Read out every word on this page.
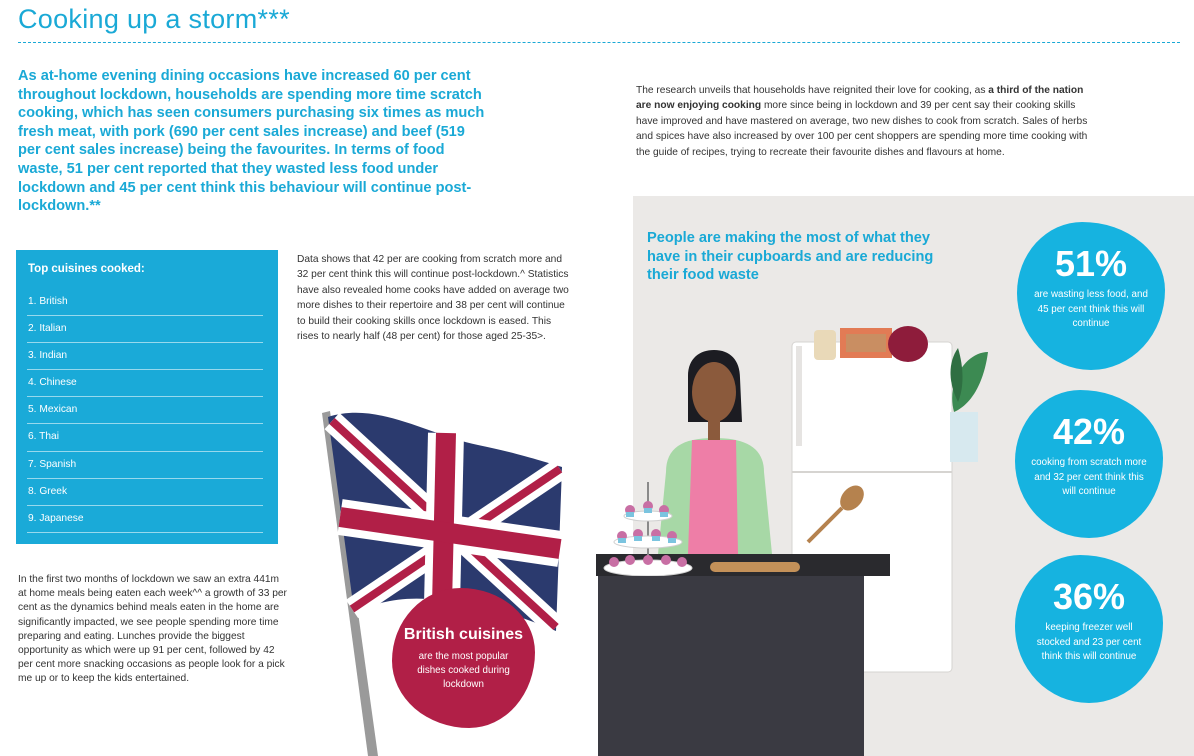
Cooking up a storm***
As at-home evening dining occasions have increased 60 per cent throughout lockdown, households are spending more time scratch cooking, which has seen consumers purchasing six times as much fresh meat, with pork (690 per cent sales increase) and beef (519 per cent sales increase) being the favourites. In terms of food waste, 51 per cent reported that they wasted less food under lockdown and 45 per cent think this behaviour will continue post-lockdown.**
The research unveils that households have reignited their love for cooking, as a third of the nation are now enjoying cooking more since being in lockdown and 39 per cent say their cooking skills have improved and have mastered on average, two new dishes to cook from scratch. Sales of herbs and spices have also increased by over 100 per cent shoppers are spending more time cooking with the guide of recipes, trying to recreate their favourite dishes and flavours at home.
Top cuisines cooked:
1. British
2. Italian
3. Indian
4. Chinese
5. Mexican
6. Thai
7. Spanish
8. Greek
9. Japanese
Data shows that 42 per are cooking from scratch more and 32 per cent think this will continue post-lockdown.^ Statistics have also revealed home cooks have added on average two more dishes to their repertoire and 38 per cent will continue to build their cooking skills once lockdown is eased. This rises to nearly half (48 per cent) for those aged 25-35>.
In the first two months of lockdown we saw an extra 441m at home meals being eaten each week^^ a growth of 33 per cent as the dynamics behind meals eaten in the home are significantly impacted, we see people spending more time preparing and eating. Lunches provide the biggest opportunity as which were up 91 per cent, followed by 42 per cent more snacking occasions as people look for a pick me up or to keep the kids entertained.
British cuisines
are the most popular dishes cooked during lockdown
People are making the most of what they have in their cupboards and are reducing their food waste	51%
are wasting less food, and 45 per cent think this will continue
42%
cooking from scratch more and 32 per cent think this will continue
36%
keeping freezer well stocked and 23 per cent think this will continue
